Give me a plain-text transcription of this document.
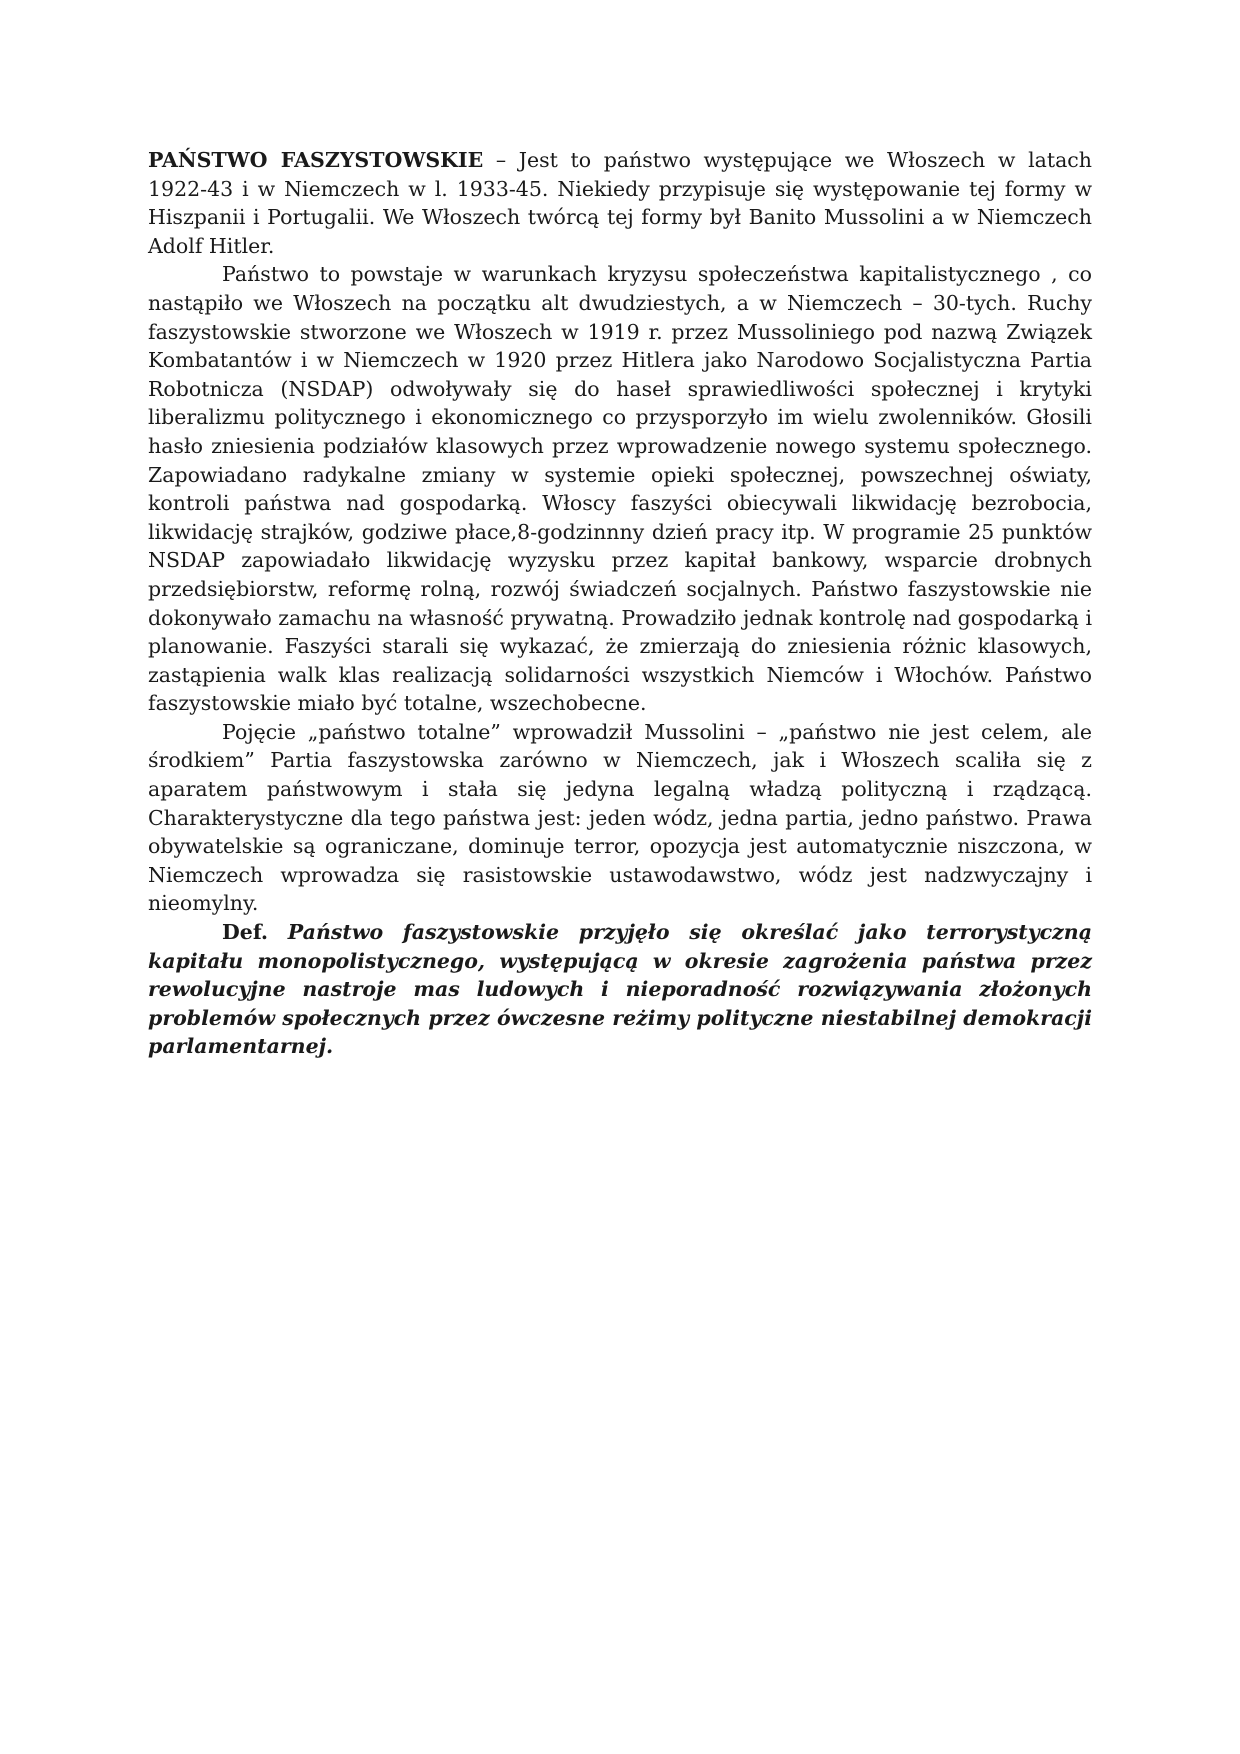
PAŃSTWO FASZYSTOWSKIE – Jest to państwo występujące we Włoszech w latach 1922-43 i w Niemczech w l. 1933-45. Niekiedy przypisuje się występowanie tej formy w Hiszpanii i Portugalii. We Włoszech twórcą tej formy był Banito Mussolini a w Niemczech Adolf Hitler.

Państwo to powstaje w warunkach kryzysu społeczeństwa kapitalistycznego , co nastąpiło we Włoszech na początku alt dwudziestych, a w Niemczech – 30-tych. Ruchy faszystowskie stworzone we Włoszech w 1919 r. przez Mussoliniego pod nazwą Związek Kombatantów i w Niemczech w 1920 przez Hitlera jako Narodowo Socjalistyczna Partia Robotnicza (NSDAP) odwoływały się do haseł sprawiedliwości społecznej i krytyki liberalizmu politycznego i ekonomicznego co przysporzyło im wielu zwolenników. Głosili hasło zniesienia podziałów klasowych przez wprowadzenie nowego systemu społecznego. Zapowiadano radykalne zmiany w systemie opieki społecznej, powszechnej oświaty, kontroli państwa nad gospodarką. Włoscy faszyści obiecywali likwidację bezrobocia, likwidację strajków, godziwe płace,8-godzinnny dzień pracy itp. W programie 25 punktów NSDAP zapowiadało likwidację wyzysku przez kapitał bankowy, wsparcie drobnych przedsiębiorstw, reformę rolną, rozwój świadczeń socjalnych. Państwo faszystowskie nie dokonywało zamachu na własność prywatną. Prowadziło jednak kontrolę nad gospodarką i planowanie. Faszyści starali się wykazać, że zmierzają do zniesienia różnic klasowych, zastąpienia walk klas realizacją solidarności wszystkich Niemców i Włochów. Państwo faszystowskie miało być totalne, wszechobecne.

Pojęcie „państwo totalne” wprowadził Mussolini – „państwo nie jest celem, ale środkiem” Partia faszystowska zarówno w Niemczech, jak i Włoszech scaliła się z aparatem państwowym i stała się jedyna legalną władzą polityczną i rządzącą. Charakterystyczne dla tego państwa jest: jeden wódz, jedna partia, jedno państwo. Prawa obywatelskie są ograniczane, dominuje terror, opozycja jest automatycznie niszczona, w Niemczech wprowadza się rasistowskie ustawodawstwo, wódz jest nadzwyczajny i nieomylny.

Def. Państwo faszystowskie przyjęło się określać jako terrorystyczną kapitału monopolistycznego, występującą w okresie zagrożenia państwa przez rewolucyjne nastroje mas ludowych i nieporadność rozwiązywania złożonych problemów społecznych przez ówczesne reżimy polityczne niestabilnej demokracji parlamentarnej.
